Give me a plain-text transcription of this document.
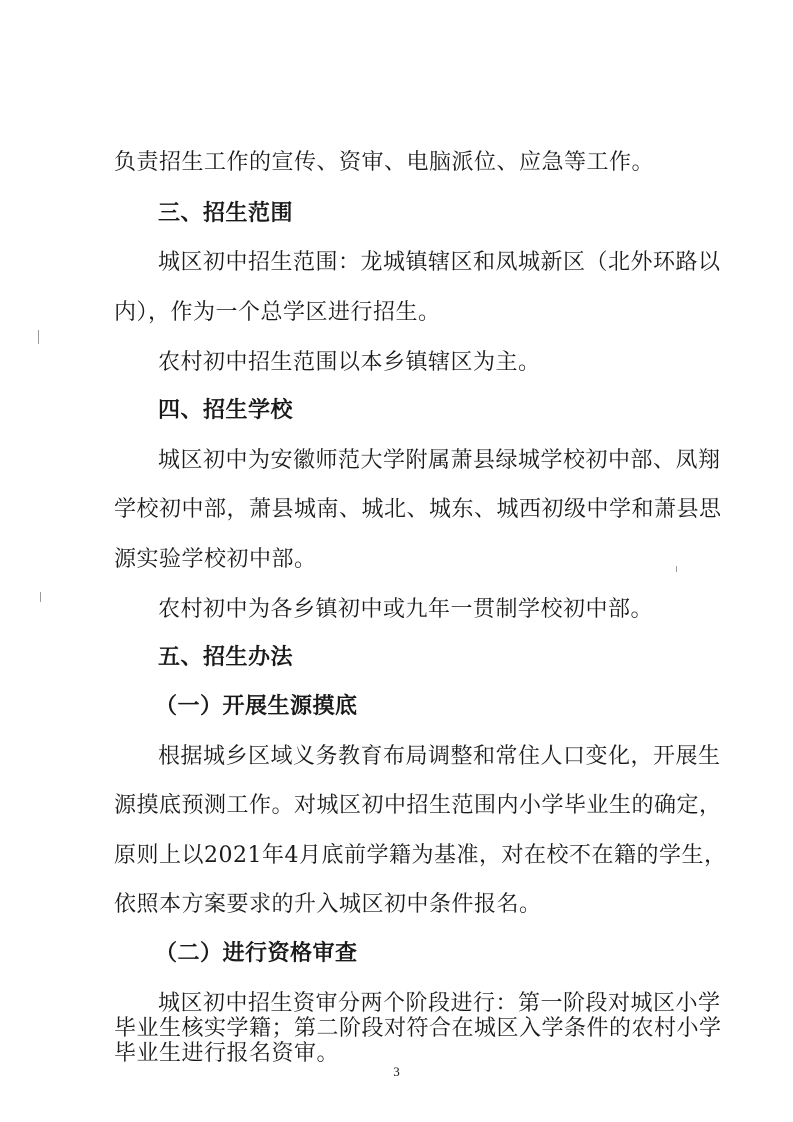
负责招生工作的宣传、资审、电脑派位、应急等工作。
三、招生范围
城区初中招生范围：龙城镇辖区和凤城新区（北外环路以
内），作为一个总学区进行招生。
农村初中招生范围以本乡镇辖区为主。
四、招生学校
城区初中为安徽师范大学附属萧县绿城学校初中部、凤翔
学校初中部，萧县城南、城北、城东、城西初级中学和萧县思
源实验学校初中部。
农村初中为各乡镇初中或九年一贯制学校初中部。
五、招生办法
（一）开展生源摸底
根据城乡区域义务教育布局调整和常住人口变化，开展生
源摸底预测工作。对城区初中招生范围内小学毕业生的确定，
原则上以2021年4月底前学籍为基准，对在校不在籍的学生，
依照本方案要求的升入城区初中条件报名。
（二）进行资格审查
城区初中招生资审分两个阶段进行：第一阶段对城区小学
毕业生核实学籍；第二阶段对符合在城区入学条件的农村小学
毕业生进行报名资审。
3
